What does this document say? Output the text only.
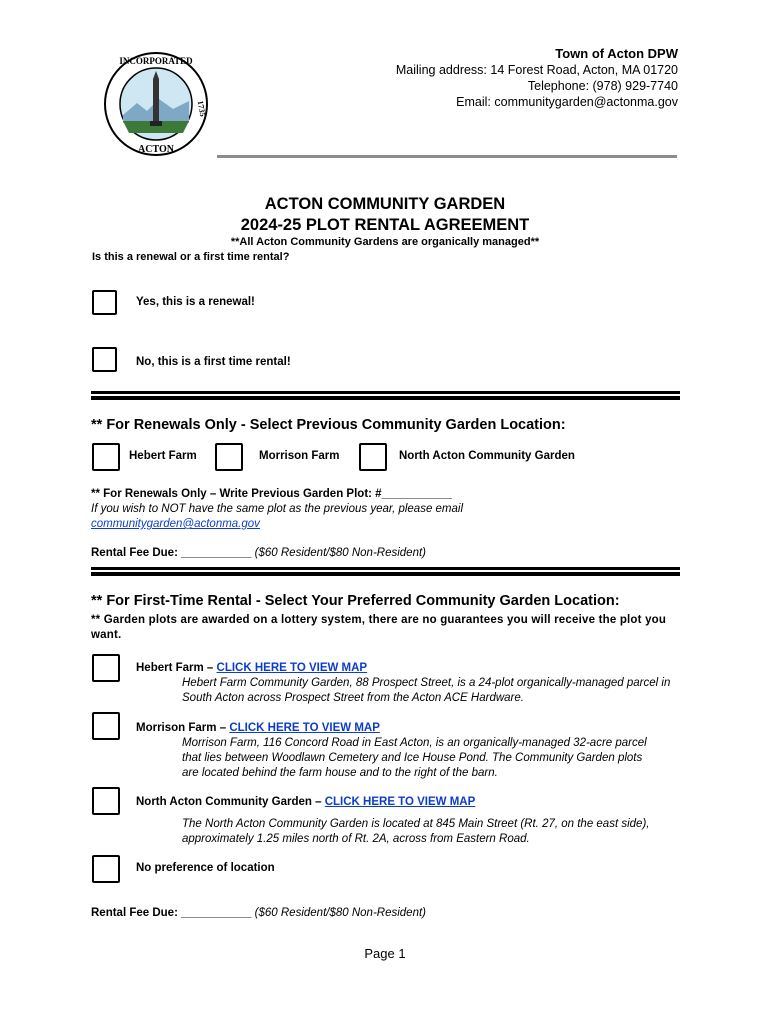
INCORPORATED
1735
ACTON
Town of Acton DPW
Mailing address: 14 Forest Road, Acton, MA 01720
Telephone: (978) 929-7740
Email: communitygarden@actonma.gov
ACTON COMMUNITY GARDEN
2024-25 PLOT RENTAL AGREEMENT
**All Acton Community Gardens are organically managed**
Is this a renewal or a first time rental?
Yes, this is a renewal!
No, this is a first time rental!
** For Renewals Only - Select Previous Community Garden Location:
Hebert Farm	Morrison Farm	North Acton Community Garden
** For Renewals Only – Write Previous Garden Plot: #___________
If you wish to NOT have the same plot as the previous year, please email
communitygarden@actonma.gov
Rental Fee Due: ___________ ($60 Resident/$80 Non-Resident)
** For First-Time Rental - Select Your Preferred Community Garden Location:
** Garden plots are awarded on a lottery system, there are no guarantees you will receive the plot you want.
Hebert Farm – CLICK HERE TO VIEW MAP
Hebert Farm Community Garden, 88 Prospect Street, is a 24-plot organically-managed parcel in South Acton across Prospect Street from the Acton ACE Hardware.
Morrison Farm – CLICK HERE TO VIEW MAP
Morrison Farm, 116 Concord Road in East Acton, is an organically-managed 32-acre parcel that lies between Woodlawn Cemetery and Ice House Pond. The Community Garden plots are located behind the farm house and to the right of the barn.
North Acton Community Garden – CLICK HERE TO VIEW MAP
The North Acton Community Garden is located at 845 Main Street (Rt. 27, on the east side), approximately 1.25 miles north of Rt. 2A, across from Eastern Road.
No preference of location
Rental Fee Due: ___________ ($60 Resident/$80 Non-Resident)
Page 1
